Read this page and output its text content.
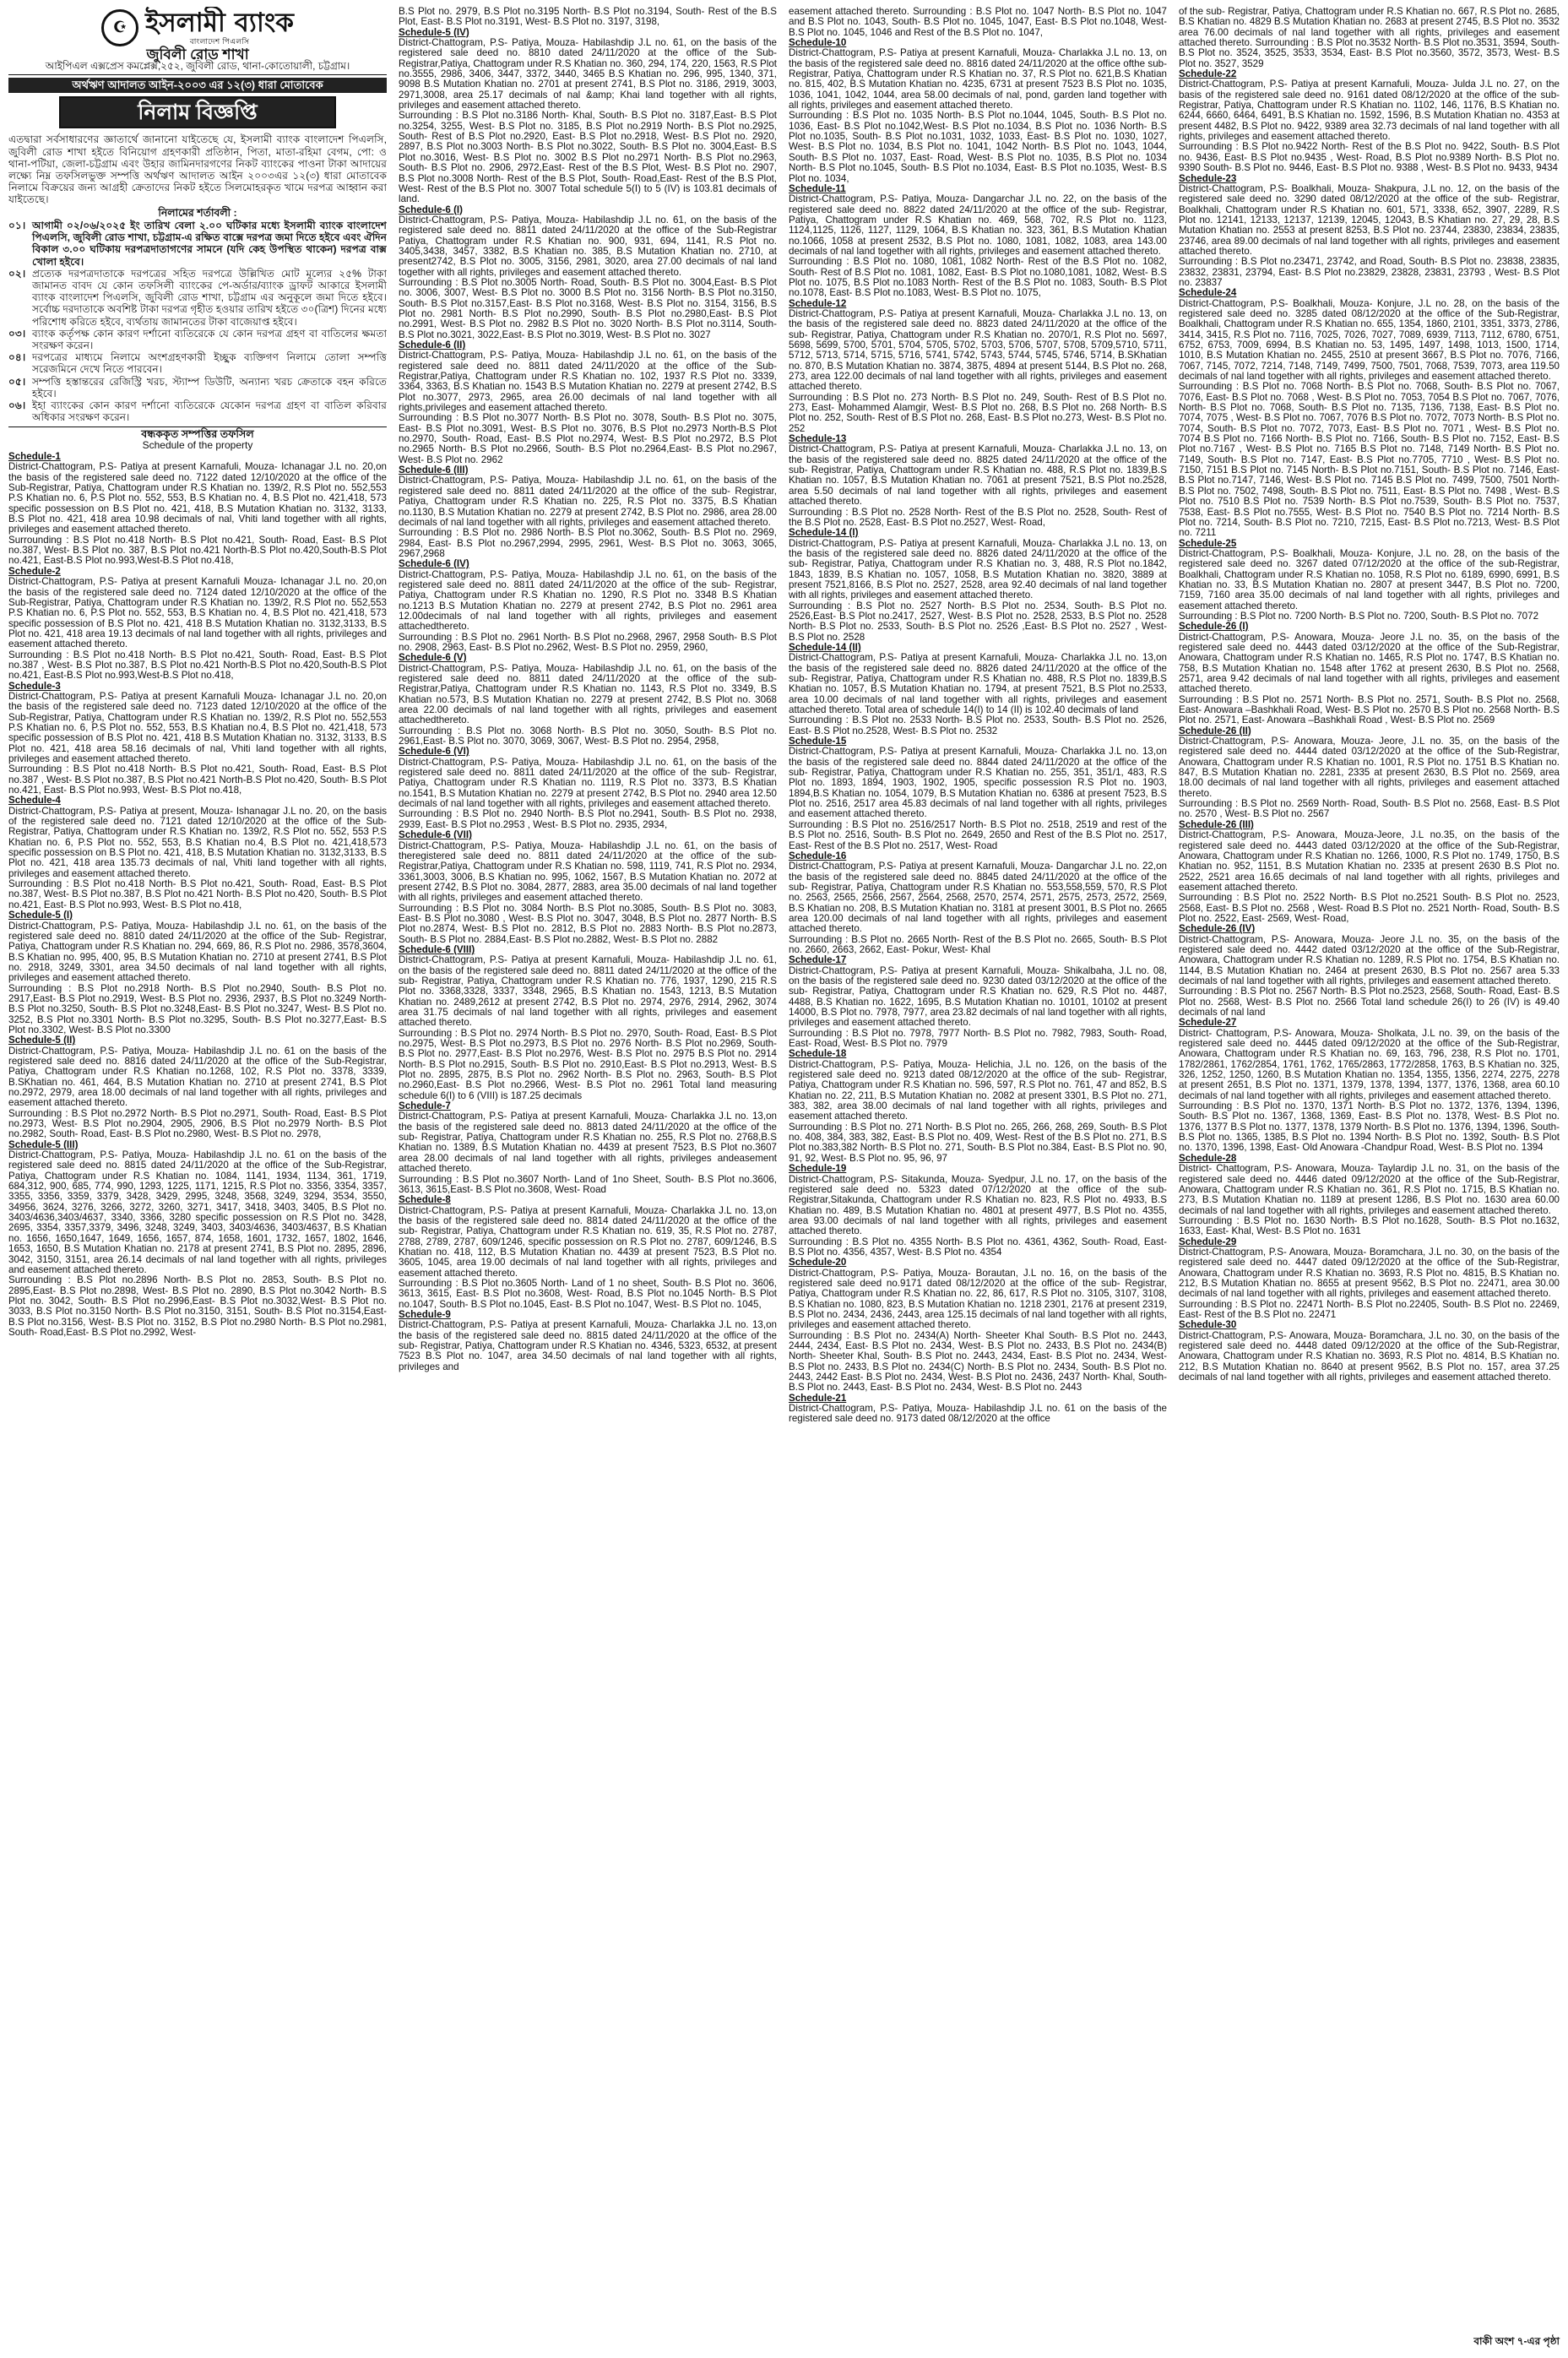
☪ ইসলামী ব্যাংক
বাংলাদেশ পিএলসি
জুবিলী রোড শাখা
আইপিএল এক্সপ্রেস কমপ্লেক্স,২৫২, জুবিলী রোড, থানা-কোতোয়ালী, চট্টগ্রাম।
অর্থঋণ আদালত আইন-২০০৩ এর ১২(৩) ধারা মোতাবেক
নিলাম বিজ্ঞপ্তি

এতদ্বারা সর্বসাধারণের জ্ঞাতার্থে জানানো যাইতেছে যে, ইসলামী ব্যাংক বাংলাদেশ পিএলসি, জুবিলী রোড শাখা হইতে বিনিয়োগ গ্রহণকারী প্রতিষ্ঠান, পিতা, মাতা-রহিমা বেগম, পো: ও থানা-পটিয়া, জেলা-চট্টগ্রাম এবং উহার জামিনদারগণের নিকট ব্যাংকের পাওনা টাকা আদায়ের লক্ষ্যে নিম্ন তফসিলভুক্ত সম্পত্তি অর্থঋণ আদালত আইন ২০০৩এর ১২(৩) ধারা মোতাবেক নিলামে বিক্রয়ের জন্য আগ্রহী ক্রেতাদের নিকট হইতে সিলমোহরকৃত খামে দরপত্র আহ্বান করা যাইতেছে।

নিলামের শর্তাবলী :
০১। আগামী ০২/০৬/২০২৫ ইং তারিখ বেলা ২.০০ ঘটিকার মধ্যে ইসলামী ব্যাংক বাংলাদেশ পিএলসি, জুবিলী রোড শাখা, চট্টগ্রাম-এ রক্ষিত বাক্সে দরপত্র জমা দিতে হইবে এবং ঐদিন বিকাল ৩.০০ ঘটিকায় দরপত্রদাতাগণের সামনে (যদি কেহ উপস্থিত থাকেন) দরপত্র বাক্স খোলা হইবে।
০২। প্রত্যেক দরপত্রদাতাকে দরপত্রের সহিত দরপত্রে উল্লিখিত মোট মূল্যের ২৫% টাকা জামানত বাবদ যে কোন তফসিলী ব্যাংকের পে-অর্ডার/ব্যাংক ড্রাফট আকারে ইসলামী ব্যাংক বাংলাদেশ পিএলসি, জুবিলী রোড শাখা, চট্টগ্রাম এর অনুকূলে জমা দিতে হইবে। সর্বোচ্চ দরদাতাকে অবশিষ্ট টাকা দরপত্র গৃহীত হওয়ার তারিখ হইতে ৩০(ত্রিশ) দিনের মধ্যে পরিশোধ করিতে হইবে, ব্যর্থতায় জামানতের টাকা বাজেয়াপ্ত হইবে।
০৩। ব্যাংক কর্তৃপক্ষ কোন কারণ দর্শানো ব্যতিরেকে যে কোন দরপত্র গ্রহণ বা বাতিলের ক্ষমতা সংরক্ষণ করেন।
০৪। দরপত্রের মাধ্যমে নিলামে অংশগ্রহণকারী ইচ্ছুক ব্যক্তিগণ নিলামে তোলা সম্পত্তি সরেজমিনে দেখে নিতে পারবেন।
০৫। সম্পত্তি হস্তান্তরের রেজিস্ট্রি খরচ, স্ট্যাম্প ডিউটি, অন্যান্য খরচ ক্রেতাকে বহন করিতে হইবে।
০৬। ইহা ব্যাংকের কোন কারণ দর্শানো ব্যতিরেকে যেকোন দরপত্র গ্রহণ বা বাতিল করিবার অধিকার সংরক্ষণ করেন।
বন্ধককৃত সম্পত্তির তফসিল
Schedule of the property

Schedule-1
District-Chattogram, P.S- Patiya at present Karnafuli, Mouza- Ichanagar J.L no. 20,on the basis of the registered sale deed no. 7122 dated 12/10/2020 at the office of the Sub-Registrar, Patiya, Chattogram under R.S Khatian no. 139/2, R.S Plot no. 552,553 P.S Khatian no. 6, P.S Plot no. 552, 553, B.S Khatian no. 4, B.S Plot no. 421,418, 573 specific possession on B.S Plot no. 421, 418, B.S Mutation Khatian no. 3132, 3133, B.S Plot no. 421, 418 area 10.98 decimals of nal, Vhiti land together with all rights, privileges and easement attached thereto.

Surrounding : B.S Plot no.418 North- B.S Plot no.421, South- Road, East- B.S Plot no.387, West- B.S Plot no. 387, B.S Plot no.421 North-B.S Plot no.420,South-B.S Plot no.421, East-B.S Plot no.993,West-B.S Plot no.418,

Schedule-2
District-Chattogram, P.S- Patiya at present Karnafuli Mouza- Ichanagar J.L no. 20,on the basis of the registered sale deed no. 7124 dated 12/10/2020 at the office of the Sub-Registrar, Patiya, Chattogram under R.S Khatian no. 139/2, R.S Plot no. 552,553 P.S Khatian no. 6, P.S Plot no. 552, 553, B.S Khatian no. 4, B.S Plot no. 421,418, 573 specific possession of B.S Plot no. 421, 418 B.S Mutation Khatian no. 3132,3133, B.S Plot no. 421, 418 area 19.13 decimals of nal land together with all rights, privileges and easement attached thereto.

Surrounding : B.S Plot no.418 North- B.S Plot no.421, South- Road, East- B.S Plot no.387 , West- B.S Plot no.387, B.S Plot no.421 North-B.S Plot no.420,South-B.S Plot no.421, East-B.S Plot no.993,West-B.S Plot no.418,

Schedule-3
District-Chattogram, P.S- Patiya at present Karnafuli Mouza- Ichanagar J.L no. 20,on the basis of the registered sale deed no. 7123 dated 12/10/2020 at the office of the Sub-Registrar, Patiya, Chattogram under R.S Khatian no. 139/2, R.S Plot no. 552,553 P.S Khatian no. 6, P.S Plot no. 552, 553, B.S Khatian no.4, B.S Plot no. 421,418, 573 specific possession of B.S Plot no. 421, 418 B.S Mutation Khatian no. 3132, 3133, B.S Plot no. 421, 418 area 58.16 decimals of nal, Vhiti land together with all rights, privileges and easement attached thereto.

Surrounding : B.S Plot no.418 North- B.S Plot no.421, South- Road, East- B.S Plot no.387 , West- B.S Plot no.387, B.S Plot no.421 North-B.S Plot no.420, South- B.S Plot no.421, East- B.S Plot no.993, West- B.S Plot no.418,

Schedule-4
District-Chattogram, P.S- Patiya at present, Mouza- Ishanagar J.L no. 20, on the basis of the registered sale deed no. 7121 dated 12/10/2020 at the office of the Sub-Registrar, Patiya, Chattogram under R.S Khatian no. 139/2, R.S Plot no. 552, 553 P.S Khatian no. 6, P.S Plot no. 552, 553, B.S Khatian no.4, B.S Plot no. 421,418,573 specific possession on B.S Plot no. 421, 418, B.S Mutation Khatian no. 3132,3133, B.S Plot no. 421, 418 area 135.73 decimals of nal, Vhiti land together with all rights, privileges and easement attached thereto.

Surrounding : B.S Plot no.418 North- B.S Plot no.421, South- Road, East- B.S Plot no.387, West- B.S Plot no.387, B.S Plot no.421 North- B.S Plot no.420, South- B.S Plot no.421, East- B.S Plot no.993, West- B.S Plot no.418,

Schedule-5 (I)
District-Chattogram, P.S- Patiya, Mouza- Habilashdip J.L no. 61, on the basis of the registered sale deed no. 8810 dated 24/11/2020 at the office of the Sub- Registrar, Patiya, Chattogram under R.S Khatian no. 294, 669, 86, R.S Plot no. 2986, 3578,3604, B.S Khatian no. 995, 400, 95, B.S Mutation Khatian no. 2710 at present 2741, B.S Plot no. 2918, 3249, 3301, area 34.50 decimals of nal land together with all rights, privileges and easement attached thereto.

Surrounding : B.S Plot no.2918 North- B.S Plot no.2940, South- B.S Plot no. 2917,East- B.S Plot no.2919, West- B.S Plot no. 2936, 2937, B.S Plot no.3249 North- B.S Plot no.3250, South- B.S Plot no.3248,East- B.S Plot no.3247, West- B.S Plot no. 3252, B.S Plot no.3301 North- B.S Plot no.3295, South- B.S Plot no.3277,East- B.S Plot no.3302, West- B.S Plot no.3300

Schedule-5 (II)
District-Chattogram, P.S- Patiya, Mouza- Habilashdip J.L no. 61 on the basis of the registered sale deed no. 8816 dated 24/11/2020 at the office of the Sub-Registrar, Patiya, Chattogram under R.S Khatian no.1268, 102, R.S Plot no. 3378, 3339, B.SKhatian no. 461, 464, B.S Mutation Khatian no. 2710 at present 2741, B.S Plot no.2972, 2979, area 18.00 decimals of nal land together with all rights, privileges and easement attached thereto.

Surrounding : B.S Plot no.2972 North- B.S Plot no.2971, South- Road, East- B.S Plot no.2973, West- B.S Plot no.2904, 2905, 2906, B.S Plot no.2979 North- B.S Plot no.2982, South- Road, East- B.S Plot no.2980, West- B.S Plot no. 2978,

Schedule-5 (III)
District-Chattogram, P.S- Patiya, Mouza- Habilashdip J.L no. 61 on the basis of the registered sale deed no. 8815 dated 24/11/2020 at the office of the Sub-Registrar, Patiya, Chattogram under R.S Khatian no. 1084, 1141, 1934, 1134, 361, 1719, 684,312, 900, 685, 774, 990, 1293, 1225, 1171, 1215, R.S Plot no. 3356, 3354, 3357, 3355, 3356, 3359, 3379, 3428, 3429, 2995, 3248, 3568, 3249, 3294, 3534, 3550, 34956, 3624, 3276, 3266, 3272, 3260, 3271, 3417, 3418, 3403, 3405, B.S Plot no. 3403/4636,3403/4637, 3340, 3366, 3280 specific possession on R.S Plot no. 3428, 2695, 3354, 3357,3379, 3496, 3248, 3249, 3403, 3403/4636, 3403/4637, B.S Khatian no. 1656, 1650,1647, 1649, 1656, 1657, 874, 1658, 1601, 1732, 1657, 1802, 1646, 1653, 1650, B.S Mutation Khatian no. 2178 at present 2741, B.S Plot no. 2895, 2896, 3042, 3150, 3151, area 26.14 decimals of nal land together with all rights, privileges and easement attached thereto.

Surrounding : B.S Plot no.2896 North- B.S Plot no. 2853, South- B.S Plot no. 2895,East- B.S Plot no.2898, West- B.S Plot no. 2890, B.S Plot no.3042 North- B.S Plot no. 3042, South- B.S Plot no.2996,East- B.S Plot no.3032,West- B.S Plot no. 3033, B.S Plot no.3150 North- B.S Plot no.3150, 3151, South- B.S Plot no.3154,East- B.S Plot no.3156, West- B.S Plot no. 3152, B.S Plot no.2980 North- B.S Plot no.2981, South- Road,East- B.S Plot no.2992, West-

B.S Plot no. 2979, B.S Plot no.3195 North- B.S Plot no.3194, South- Rest of the B.S Plot, East- B.S Plot no.3191, West- B.S Plot no. 3197, 3198,

Schedule-5 (IV)
District-Chattogram, P.S- Patiya, Mouza- Habilashdip J.L no. 61, on the basis of the registered sale deed no. 8810 dated 24/11/2020 at the office of the Sub-Registrar,Patiya, Chattogram under R.S Khatian no. 360, 294, 174, 220, 1563, R.S Plot no.3555, 2986, 3406, 3447, 3372, 3440, 3465 B.S Khatian no. 296, 995, 1340, 371, 9098 B.S Mutation Khatian no. 2701 at present 2741, B.S Plot no. 3186, 2919, 3003, 2971,3008, area 25.17 decimals of nal &amp; Khai land together with all rights, privileges and easement attached thereto.

Surrounding : B.S Plot no.3186 North- Khal, South- B.S Plot no. 3187,East- B.S Plot no.3254, 3255, West- B.S Plot no. 3185, B.S Plot no.2919 North- B.S Plot no.2925, South- Rest of B.S Plot no.2920, East- B.S Plot no.2918, West- B.S Plot no. 2920, 2897, B.S Plot no.3003 North- B.S Plot no.3022, South- B.S Plot no. 3004,East- B.S Plot no.3016, West- B.S Plot no. 3002 B.S Plot no.2971 North- B.S Plot no.2963, South- B.S Plot no. 2906, 2972,East- Rest of the B.S Plot, West- B.S Plot no. 2907, B.S Plot no.3008 North- Rest of the B.S Plot, South- Road,East- Rest of the B.S Plot, West- Rest of the B.S Plot no. 3007 Total schedule 5(I) to 5 (IV) is 103.81 decimals of land.

Schedule-6 (I)
District-Chattogram, P.S- Patiya, Mouza- Habilashdip J.L no. 61, on the basis of the registered sale deed no. 8811 dated 24/11/2020 at the office of the Sub-Registrar Patiya, Chattogram under R.S Khatian no. 900, 931, 694, 1141, R.S Plot no. 3405,3438, 3457, 3382, B.S Khatian no. 385, B.S Mutation Khatian no. 2710, at present2742, B.S Plot no. 3005, 3156, 2981, 3020, area 27.00 decimals of nal land together with all rights, privileges and easement attached thereto.

Surrounding : B.S Plot no.3005 North- Road, South- B.S Plot no. 3004,East- B.S Plot no. 3006, 3007, West- B.S Plot no. 3000 B.S Plot no. 3156 North- B.S Plot no.3150, South- B.S Plot no.3157,East- B.S Plot no.3168, West- B.S Plot no. 3154, 3156, B.S Plot no. 2981 North- B.S Plot no.2990, South- B.S Plot no.2980,East- B.S Plot no.2991, West- B.S Plot no. 2982 B.S Plot no. 3020 North- B.S Plot no.3114, South- B.S Plot no.3021, 3022,East- B.S Plot no.3019, West- B.S Plot no. 3027

Schedule-6 (II)
District-Chattogram, P.S- Patiya, Mouza- Habilashdip J.L no. 61, on the basis of the registered sale deed no. 8811 dated 24/11/2020 at the office of the Sub-Registrar,Patiya, Chattogram under R.S Khatian no. 102, 1937 R.S Plot no. 3339, 3364, 3363, B.S Khatian no. 1543 B.S Mutation Khatian no. 2279 at present 2742, B.S Plot no.3077, 2973, 2965, area 26.00 decimals of nal land together with all rights,privileges and easement attached thereto.

Surrounding : B.S Plot no.3077 North- B.S Plot no. 3078, South- B.S Plot no. 3075, East- B.S Plot no.3091, West- B.S Plot no. 3076, B.S Plot no.2973 North-B.S Plot no.2970, South- Road, East- B.S Plot no.2974, West- B.S Plot no.2972, B.S Plot no.2965 North- B.S Plot no.2966, South- B.S Plot no.2964,East- B.S Plot no.2967, West- B.S Plot no. 2962

Schedule-6 (III)
District-Chattogram, P.S- Patiya, Mouza- Habilashdip J.L no. 61, on the basis of the registered sale deed no. 8811 dated 24/11/2020 at the office of the sub- Registrar, Patiya, Chattogram under R.S Khatian no. 225, R.S Plot no. 3375, B.S Khatian no.1130, B.S Mutation Khatian no. 2279 at present 2742, B.S Plot no. 2986, area 28.00 decimals of nal land together with all rights, privileges and easement attached thereto.

Surrounding : B.S Plot no. 2986 North- B.S Plot no.3062, South- B.S Plot no. 2969, 2984, East- B.S Plot no.2967,2994, 2995, 2961, West- B.S Plot no. 3063, 3065, 2967,2968

Schedule-6 (IV)
District-Chattogram, P.S- Patiya, Mouza- Habilashdip J.L no. 61, on the basis of the registered sale deed no. 8811 dated 24/11/2020 at the office of the sub- Registrar, Patiya, Chattogram under R.S Khatian no. 1290, R.S Plot no. 3348 B.S Khatian no.1213 B.S Mutation Khatian no. 2279 at present 2742, B.S Plot no. 2961 area 12.00decimals of nal land together with all rights, privileges and easement attachedthereto.

Surrounding : B.S Plot no. 2961 North- B.S Plot no.2968, 2967, 2958 South- B.S Plot no. 2908, 2963, East- B.S Plot no.2962, West- B.S Plot no. 2959, 2960,

Schedule-6 (V)
District-Chattogram, P.S- Patiya, Mouza- Habilashdip J.L no. 61, on the basis of the registered sale deed no. 8811 dated 24/11/2020 at the office of the sub- Registrar,Patiya, Chattogram under R.S Khatian no. 1143, R.S Plot no. 3349, B.S Khatian no.573, B.S Mutation Khatian no. 2279 at present 2742, B.S Plot no. 3068 area 22.00 decimals of nal land together with all rights, privileges and easement attachedthereto.

Surrounding : B.S Plot no. 3068 North- B.S Plot no. 3050, South- B.S Plot no. 2961,East- B.S Plot no. 3070, 3069, 3067, West- B.S Plot no. 2954, 2958,

Schedule-6 (VI)
District-Chattogram, P.S- Patiya, Mouza- Habilashdip J.L no. 61, on the basis of the registered sale deed no. 8811 dated 24/11/2020 at the office of the sub- Registrar, Patiya, Chattogram under R.S Khatian no. 1119, R.S Plot no. 3373, B.S Khatian no.1541, B.S Mutation Khatian no. 2279 at present 2742, B.S Plot no. 2940 area 12.50 decimals of nal land together with all rights, privileges and easement attached thereto.

Surrounding : B.S Plot no. 2940 North- B.S Plot no.2941, South- B.S Plot no. 2938, 2939, East- B.S Plot no.2953 , West- B.S Plot no. 2935, 2934,

Schedule-6 (VII)
District-Chattogram, P.S- Patiya, Mouza- Habilashdip J.L no. 61, on the basis of theregistered sale deed no. 8811 dated 24/11/2020 at the office of the sub- Registrar,Patiya, Chattogram under R.S Khatian no. 598, 1119, 741, R.S Plot no. 2934, 3361,3003, 3006, B.S Khatian no. 995, 1062, 1567, B.S Mutation Khatian no. 2072 at present 2742, B.S Plot no. 3084, 2877, 2883, area 35.00 decimals of nal land together with all rights, privileges and easement attached thereto.

Surrounding : B.S Plot no. 3084 North- B.S Plot no.3085, South- B.S Plot no. 3083, East- B.S Plot no.3080 , West- B.S Plot no. 3047, 3048, B.S Plot no. 2877 North- B.S Plot no.2874, West- B.S Plot no. 2812, B.S Plot no. 2883 North- B.S Plot no.2873, South- B.S Plot no. 2884,East- B.S Plot no.2882, West- B.S Plot no. 2882

Schedule-6 (VIII)
District-Chattogram, P.S- Patiya at present Karnafuli, Mouza- Habilashdip J.L no. 61, on the basis of the registered sale deed no. 8811 dated 24/11/2020 at the office of the sub- Registrar, Patiya, Chattogram under R.S Khatian no. 776, 1937, 1290, 215 R.S Plot no. 3368,3328, 3337, 3348, 2965, B.S Khatian no. 1543, 1213, B.S Mutation Khatian no. 2489,2612 at present 2742, B.S Plot no. 2974, 2976, 2914, 2962, 3074 area 31.75 decimals of nal land together with all rights, privileges and easement attached thereto.

Surrounding : B.S Plot no. 2974 North- B.S Plot no. 2970, South- Road, East- B.S Plot no.2975, West- B.S Plot no.2973, B.S Plot no. 2976 North- B.S Plot no.2969, South- B.S Plot no. 2977,East- B.S Plot no.2976, West- B.S Plot no. 2975 B.S Plot no. 2914 North- B.S Plot no.2915, South- B.S Plot no. 2910,East- B.S Plot no.2913, West- B.S Plot no. 2895, 2875, B.S Plot no. 2962 North- B.S Plot no. 2963, South- B.S Plot no.2960,East- B.S Plot no.2966, West- B.S Plot no. 2961 Total land measuring schedule 6(I) to 6 (VIII) is 187.25 decimals

Schedule-7
District-Chattogram, P.S- Patiya at present Karnafuli, Mouza- Charlakka J.L no. 13,on the basis of the registered sale deed no. 8813 dated 24/11/2020 at the office of the sub- Registrar, Patiya, Chattogram under R.S Khatian no. 255, R.S Plot no. 2768,B.S Khatian no. 1389, B.S Mutation Khatian no. 4439 at present 7523, B.S Plot no.3607 area 28.00 decimals of nal land together with all rights, privileges andeasement attached thereto.

Surrounding : B.S Plot no.3607 North- Land of 1no Sheet, South- B.S Plot no.3606, 3613, 3615,East- B.S Plot no.3608, West- Road

Schedule-8
District-Chattogram, P.S- Patiya at present Karnafuli, Mouza- Charlakka J.L no. 13,on the basis of the registered sale deed no. 8814 dated 24/11/2020 at the office of the sub- Registrar, Patiya, Chattogram under R.S Khatian no. 619, 35, R.S Plot no. 2787, 2788, 2789, 2787, 609/1246, specific possession on R.S Plot no. 2787, 609/1246, B.S Khatian no. 418, 112, B.S Mutation Khatian no. 4439 at present 7523, B.S Plot no. 3605, 1045, area 19.00 decimals of nal land together with all rights, privileges and easement attached thereto.

Surrounding : B.S Plot no.3605 North- Land of 1 no sheet, South- B.S Plot no. 3606, 3613, 3615, East- B.S Plot no.3608, West- Road, B.S Plot no.1045 North- B.S Plot no.1047, South- B.S Plot no.1045, East- B.S Plot no.1047, West- B.S Plot no. 1045,

Schedule-9
District-Chattogram, P.S- Patiya at present Karnafuli, Mouza- Charlakka J.L no. 13,on the basis of the registered sale deed no. 8815 dated 24/11/2020 at the office of the sub- Registrar, Patiya, Chattogram under R.S Khatian no. 4346, 5323, 6532, at present 7523 B.S Plot no. 1047, area 34.50 decimals of nal land together with all rights, privileges and

easement attached thereto. Surrounding : B.S Plot no. 1047 North- B.S Plot no. 1047 and B.S Plot no. 1043, South- B.S Plot no. 1045, 1047, East- B.S Plot no.1048, West- B.S Plot no. 1045, 1046 and Rest of the B.S Plot no. 1047,

Schedule-10
District-Chattogram, P.S- Patiya at present Karnafuli, Mouza- Charlakka J.L no. 13, on the basis of the registered sale deed no. 8816 dated 24/11/2020 at the office ofthe sub- Registrar, Patiya, Chattogram under R.S Khatian no. 37, R.S Plot no. 621,B.S Khatian no. 815, 402, B.S Mutation Khatian no. 4235, 6731 at present 7523 B.S Plot no. 1035, 1036, 1041, 1042, 1044, area 58.00 decimals of nal, pond, garden land together with all rights, privileges and easement attached thereto.

Surrounding : B.S Plot no. 1035 North- B.S Plot no.1044, 1045, South- B.S Plot no. 1036, East- B.S Plot no.1042,West- B.S Plot no.1034, B.S Plot no. 1036 North- B.S Plot no.1035, South- B.S Plot no.1031, 1032, 1033, East- B.S Plot no. 1030, 1027, West- B.S Plot no. 1034, B.S Plot no. 1041, 1042 North- B.S Plot no. 1043, 1044, South- B.S Plot no. 1037, East- Road, West- B.S Plot no. 1035, B.S Plot no. 1034 North- B.S Plot no.1045, South- B.S Plot no.1034, East- B.S Plot no.1035, West- B.S Plot no. 1034,

Schedule-11
District-Chattogram, P.S- Patiya, Mouza- Dangarchar J.L no. 22, on the basis of the registered sale deed no. 8822 dated 24/11/2020 at the office of the sub- Registrar, Patiya, Chattogram under R.S Khatian no. 469, 568, 702, R.S Plot no. 1123, 1124,1125, 1126, 1127, 1129, 1064, B.S Khatian no. 323, 361, B.S Mutation Khatian no.1066, 1058 at present 2532, B.S Plot no. 1080, 1081, 1082, 1083, area 143.00 decimals of nal land together with all rights, privileges and easement attached thereto.

Surrounding : B.S Plot no. 1080, 1081, 1082 North- Rest of the B.S Plot no. 1082, South- Rest of B.S Plot no. 1081, 1082, East- B.S Plot no.1080,1081, 1082, West- B.S Plot no. 1075, B.S Plot no.1083 North- Rest of the B.S Plot no. 1083, South- B.S Plot no.1078, East- B.S Plot no.1083, West- B.S Plot no. 1075,

Schedule-12
District-Chattogram, P.S- Patiya at present Karnafuli, Mouza- Charlakka J.L no. 13, on the basis of the registered sale deed no. 8823 dated 24/11/2020 at the office of the sub- Registrar, Patiya, Chattogram under R.S Khatian no. 2070/1, R.S Plot no. 5697, 5698, 5699, 5700, 5701, 5704, 5705, 5702, 5703, 5706, 5707, 5708, 5709,5710, 5711, 5712, 5713, 5714, 5715, 5716, 5741, 5742, 5743, 5744, 5745, 5746, 5714, B.SKhatian no. 870, B.S Mutation Khatian no. 3874, 3875, 4894 at present 5144, B.S Plot no. 268, 273, area 122.00 decimals of nal land together with all rights, privileges and easement attached thereto.

Surrounding : B.S Plot no. 273 North- B.S Plot no. 249, South- Rest of B.S Plot no. 273, East- Mohammed Alamgir, West- B.S Plot no. 268, B.S Plot no. 268 North- B.S Plot no. 252, South- Rest of B.S Plot no. 268, East- B.S Plot no.273, West- B.S Plot no. 252

Schedule-13
District-Chattogram, P.S- Patiya at present Karnafuli, Mouza- Charlakka J.L no. 13, on the basis of the registered sale deed no. 8825 dated 24/11/2020 at the office of the sub- Registrar, Patiya, Chattogram under R.S Khatian no. 488, R.S Plot no. 1839,B.S Khatian no. 1057, B.S Mutation Khatian no. 7061 at present 7521, B.S Plot no.2528, area 5.50 decimals of nal land together with all rights, privileges and easement attached thereto.

Surrounding : B.S Plot no. 2528 North- Rest of the B.S Plot no. 2528, South- Rest of the B.S Plot no. 2528, East- B.S Plot no.2527, West- Road,

Schedule-14 (I)
District-Chattogram, P.S- Patiya at present Karnafuli, Mouza- Charlakka J.L no. 13, on the basis of the registered sale deed no. 8826 dated 24/11/2020 at the office of the sub- Registrar, Patiya, Chattogram under R.S Khatian no. 3, 488, R.S Plot no.1842, 1843, 1839, B.S Khatian no. 1057, 1058, B.S Mutation Khatian no. 3820, 3889 at present 7521,8166, B.S Plot no. 2527, 2528, area 92.40 decimals of nal land together with all rights, privileges and easement attached thereto.

Surrounding : B.S Plot no. 2527 North- B.S Plot no. 2534, South- B.S Plot no. 2526,East- B.S Plot no.2417, 2527, West- B.S Plot no. 2528, 2533, B.S Plot no. 2528 North- B.S Plot no. 2533, South- B.S Plot no. 2526 ,East- B.S Plot no. 2527 , West- B.S Plot no. 2528

Schedule-14 (II)
District-Chattogram, P.S- Patiya at present Karnafuli, Mouza- Charlakka J.L no. 13,on the basis of the registered sale deed no. 8826 dated 24/11/2020 at the office of the sub- Registrar, Patiya, Chattogram under R.S Khatian no. 488, R.S Plot no. 1839,B.S Khatian no. 1057, B.S Mutation Khatian no. 1794, at present 7521, B.S Plot no.2533, area 10.00 decimals of nal land together with all rights, privileges and easement attached thereto. Total area of schedule 14(I) to 14 (II) is 102.40 decimals of land

Surrounding : B.S Plot no. 2533 North- B.S Plot no. 2533, South- B.S Plot no. 2526, East- B.S Plot no.2528, West- B.S Plot no. 2532

Schedule-15
District-Chattogram, P.S- Patiya at present Karnafuli, Mouza- Charlakka J.L no. 13,on the basis of the registered sale deed no. 8844 dated 24/11/2020 at the office of the sub- Registrar, Patiya, Chattogram under R.S Khatian no. 255, 351, 351/1, 483, R.S Plot no. 1893, 1894, 1903, 1902, 1905, specific possession R.S Plot no. 1903, 1894,B.S Khatian no. 1054, 1079, B.S Mutation Khatian no. 6386 at present 7523, B.S Plot no. 2516, 2517 area 45.83 decimals of nal land together with all rights, privileges and easement attached thereto.

Surrounding : B.S Plot no. 2516/2517 North- B.S Plot no. 2518, 2519 and rest of the B.S Plot no. 2516, South- B.S Plot no. 2649, 2650 and Rest of the B.S Plot no. 2517, East- Rest of the B.S Plot no. 2517, West- Road

Schedule-16
District-Chattogram, P.S- Patiya at present Karnafuli, Mouza- Dangarchar J.L no. 22,on the basis of the registered sale deed no. 8845 dated 24/11/2020 at the office of the sub- Registrar, Patiya, Chattogram under R.S Khatian no. 553,558,559, 570, R.S Plot no. 2563, 2565, 2566, 2567, 2564, 2568, 2570, 2574, 2571, 2575, 2573, 2572, 2569, B.S Khatian no. 208, B.S Mutation Khatian no. 3181 at present 3001, B.S Plot no. 2665 area 120.00 decimals of nal land together with all rights, privileges and easement attached thereto.

Surrounding : B.S Plot no. 2665 North- Rest of the B.S Plot no. 2665, South- B.S Plot no. 2660, 2663, 2662, East- Pokur, West- Khal

Schedule-17
District-Chattogram, P.S- Patiya at present Karnafuli, Mouza- Shikalbaha, J.L no. 08, on the basis of the registered sale deed no. 9230 dated 03/12/2020 at the office of the sub- Registrar, Patiya, Chattogram under R.S Khatian no. 629, R.S Plot no. 4487, 4488, B.S Khatian no. 1622, 1695, B.S Mutation Khatian no. 10101, 10102 at present 14000, B.S Plot no. 7978, 7977, area 23.82 decimals of nal land together with all rights, privileges and easement attached thereto.

Surrounding : B.S Plot no. 7978, 7977 North- B.S Plot no. 7982, 7983, South- Road, East- Road, West- B.S Plot no. 7979

Schedule-18
District-Chattogram, P.S- Patiya, Mouza- Helichia, J.L no. 126, on the basis of the registered sale deed no. 9213 dated 08/12/2020 at the office of the sub- Registrar, Patiya, Chattogram under R.S Khatian no. 596, 597, R.S Plot no. 761, 47 and 852, B.S Khatian no. 22, 211, B.S Mutation Khatian no. 2082 at present 3301, B.S Plot no. 271, 383, 382, area 38.00 decimals of nal land together with all rights, privileges and easement attached thereto.

Surrounding : B.S Plot no. 271 North- B.S Plot no. 265, 266, 268, 269, South- B.S Plot no. 408, 384, 383, 382, East- B.S Plot no. 409, West- Rest of the B.S Plot no. 271, B.S Plot no.383,382 North- B.S Plot no. 271, South- B.S Plot no.384, East- B.S Plot no. 90, 91, 92, West- B.S Plot no. 95, 96, 97

Schedule-19
District-Chattogram, P.S- Sitakunda, Mouza- Syedpur, J.L no. 17, on the basis of the registered sale deed no. 5323 dated 07/12/2020 at the office of the sub- Registrar,Sitakunda, Chattogram under R.S Khatian no. 823, R.S Plot no. 4933, B.S Khatian no. 489, B.S Mutation Khatian no. 4801 at present 4977, B.S Plot no. 4355, area 93.00 decimals of nal land together with all rights, privileges and easement attached thereto.

Surrounding : B.S Plot no. 4355 North- B.S Plot no. 4361, 4362, South- Road, East- B.S Plot no. 4356, 4357, West- B.S Plot no. 4354

Schedule-20
District-Chattogram, P.S- Patiya, Mouza- Borautan, J.L no. 16, on the basis of the registered sale deed no.9171 dated 08/12/2020 at the office of the sub- Registrar, Patiya, Chattogram under R.S Khatian no. 22, 86, 617, R.S Plot no. 3105, 3107, 3108, B.S Khatian no. 1080, 823, B.S Mutation Khatian no. 1218 2301, 2176 at present 2319, B.S Plot no. 2434, 2436, 2443, area 125.15 decimals of nal land together with all rights, privileges and easement attached thereto.

Surrounding : B.S Plot no. 2434(A) North- Sheeter Khal South- B.S Plot no. 2443, 2444, 2434, East- B.S Plot no. 2434, West- B.S Plot no. 2433, B.S Plot no. 2434(B) North- Sheeter Khal, South- B.S Plot no. 2443, 2434, East- B.S Plot no. 2434, West- B.S Plot no. 2433, B.S Plot no. 2434(C) North- B.S Plot no. 2434, South- B.S Plot no. 2443, 2442 East- B.S Plot no. 2434, West- B.S Plot no. 2436, 2437 North- Khal, South- B.S Plot no. 2443, East- B.S Plot no. 2434, West- B.S Plot no. 2443

Schedule-21
District-Chattogram, P.S- Patiya, Mouza- Habilashdip J.L no. 61 on the basis of the registered sale deed no. 9173 dated 08/12/2020 at the office

of the sub- Registrar, Patiya, Chattogram under R.S Khatian no. 667, R.S Plot no. 2685, B.S Khatian no. 4829 B.S Mutation Khatian no. 2683 at present 2745, B.S Plot no. 3532 area 76.00 decimals of nal land together with all rights, privileges and easement attached thereto. Surrounding : B.S Plot no.3532 North- B.S Plot no.3531, 3594, South- B.S Plot no. 3524, 3525, 3533, 3534, East- B.S Plot no.3560, 3572, 3573, West- B.S Plot no. 3527, 3529

Schedule-22
District-Chattogram, P.S- Patiya at present Karnafuli, Mouza- Julda J.L no. 27, on the basis of the registered sale deed no. 9161 dated 08/12/2020 at the office of the sub- Registrar, Patiya, Chattogram under R.S Khatian no. 1102, 146, 1176, B.S Khatian no. 6244, 6660, 6464, 6491, B.S Khatian no. 1592, 1596, B.S Mutation Khatian no. 4353 at present 4482, B.S Plot no. 9422, 9389 area 32.73 decimals of nal land together with all rights, privileges and easement attached thereto.

Surrounding : B.S Plot no.9422 North- Rest of the B.S Plot no. 9422, South- B.S Plot no. 9436, East- B.S Plot no.9435 , West- Road, B.S Plot no.9389 North- B.S Plot no. 9390 South- B.S Plot no. 9446, East- B.S Plot no. 9388 , West- B.S Plot no. 9433, 9434

Schedule-23
District-Chattogram, P.S- Boalkhali, Mouza- Shakpura, J.L no. 12, on the basis of the registered sale deed no. 3290 dated 08/12/2020 at the office of the sub- Registrar, Boalkhali, Chattogram under R.S Khatian no. 601, 571, 3338, 652, 3907, 2289, R.S Plot no. 12141, 12133, 12137, 12139, 12045, 12043, B.S Khatian no. 27, 29, 28, B.S Mutation Khatian no. 2553 at present 8253, B.S Plot no. 23744, 23830, 23834, 23835, 23746, area 89.00 decimals of nal land together with all rights, privileges and easement attached thereto.

Surrounding : B.S Plot no.23471, 23742, and Road, South- B.S Plot no. 23838, 23835, 23832, 23831, 23794, East- B.S Plot no.23829, 23828, 23831, 23793 , West- B.S Plot no. 23837

Schedule-24
District-Chattogram, P.S- Boalkhali, Mouza- Konjure, J.L no. 28, on the basis of the registered sale deed no. 3285 dated 08/12/2020 at the office of the Sub-Registrar, Boalkhali, Chattogram under R.S Khatian no. 655, 1354, 1860, 2101, 3351, 3373, 2786, 3414, 3415, R.S Plot no. 7116, 7025, 7026, 7027, 7089, 6939, 7113, 7112, 6780, 6751, 6752, 6753, 7009, 6994, B.S Khatian no. 53, 1495, 1497, 1498, 1013, 1500, 1714, 1010, B.S Mutation Khatian no. 2455, 2510 at present 3667, B.S Plot no. 7076, 7166, 7067, 7145, 7072, 7214, 7148, 7149, 7499, 7500, 7501, 7068, 7539, 7073, area 119.50 decimals of nal land together with all rights, privileges and easement attached thereto.

Surrounding : B.S Plot no. 7068 North- B.S Plot no. 7068, South- B.S Plot no. 7067, 7076, East- B.S Plot no. 7068 , West- B.S Plot no. 7053, 7054 B.S Plot no. 7067, 7076, North- B.S Plot no. 7068, South- B.S Plot no. 7135, 7136, 7138, East- B.S Plot no. 7074, 7075 , West- B.S Plot no. 7067, 7076 B.S Plot no. 7072, 7073 North- B.S Plot no. 7074, South- B.S Plot no. 7072, 7073, East- B.S Plot no. 7071 , West- B.S Plot no. 7074 B.S Plot no. 7166 North- B.S Plot no. 7166, South- B.S Plot no. 7152, East- B.S Plot no.7167 , West- B.S Plot no. 7165 B.S Plot no. 7148, 7149 North- B.S Plot no. 7149, South- B.S Plot no. 7147, East- B.S Plot no.7705, 7710 , West- B.S Plot no. 7150, 7151 B.S Plot no. 7145 North- B.S Plot no.7151, South- B.S Plot no. 7146, East- B.S Plot no.7147, 7146, West- B.S Plot no. 7145 B.S Plot no. 7499, 7500, 7501 North- B.S Plot no. 7502, 7498, South- B.S Plot no. 7511, East- B.S Plot no. 7498 , West- B.S Plot no. 7510 B.S Plot no. 7539 North- B.S Plot no.7539, South- B.S Plot no. 7537, 7538, East- B.S Plot no.7555, West- B.S Plot no. 7540 B.S Plot no. 7214 North- B.S Plot no. 7214, South- B.S Plot no. 7210, 7215, East- B.S Plot no.7213, West- B.S Plot no. 7211

Schedule-25
District-Chattogram, P.S- Boalkhali, Mouza- Konjure, J.L no. 28, on the basis of the registered sale deed no. 3267 dated 07/12/2020 at the office of the sub-Registrar, Boalkhali, Chattogram under R.S Khatian no. 1058, R.S Plot no. 6189, 6990, 6991, B.S Khatian no. 33, B.S Mutation Khatian no. 2807 at present 3447, B.S Plot no. 7200, 7159, 7160 area 35.00 decimals of nal land together with all rights, privileges and easement attached thereto.

Surrounding : B.S Plot no. 7200 North- B.S Plot no. 7200, South- B.S Plot no. 7072

Schedule-26 (I)
District-Chattogram, P.S- Anowara, Mouza- Jeore J.L no. 35, on the basis of the registered sale deed no. 4443 dated 03/12/2020 at the office of the Sub-Registrar, Anowara, Chattogram under R.S Khatian no. 1465, R.S Plot no. 1747, B.S Khatian no. 758, B.S Mutation Khatian no. 1548 after 1762 at present 2630, B.S Plot no. 2568, 2571, area 9.42 decimals of nal land together with all rights, privileges and easement attached thereto.

Surrounding : B.S Plot no. 2571 North- B.S Plot no. 2571, South- B.S Plot no. 2568, East- Anowara –Bashkhali Road, West- B.S Plot no. 2570 B.S Plot no. 2568 North- B.S Plot no. 2571, East- Anowara –Bashkhali Road , West- B.S Plot no. 2569

Schedule-26 (II)
District-Chattogram, P.S- Anowara, Mouza- Jeore, J.L no. 35, on the basis of the registered sale deed no. 4444 dated 03/12/2020 at the office of the Sub-Registrar, Anowara, Chattogram under R.S Khatian no. 1001, R.S Plot no. 1751 B.S Khatian no. 847, B.S Mutation Khatian no. 2281, 2335 at present 2630, B.S Plot no. 2569, area 18.00 decimals of nal land together with all rights, privileges and easement attached thereto.

Surrounding : B.S Plot no. 2569 North- Road, South- B.S Plot no. 2568, East- B.S Plot no. 2570 , West- B.S Plot no. 2567

Schedule-26 (III)
District-Chattogram, P.S- Anowara, Mouza-Jeore, J.L no.35, on the basis of the registered sale deed no. 4443 dated 03/12/2020 at the office of the Sub-Registrar, Anowara, Chattogram under R.S Khatian no. 1266, 1000, R.S Plot no. 1749, 1750, B.S Khatian no. 952, 1151, B.S Mutation Khatian no. 2335 at present 2630 B.S Plot no. 2522, 2521 area 16.65 decimals of nal land together with all rights, privileges and easement attached thereto.

Surrounding : B.S Plot no. 2522 North- B.S Plot no.2521 South- B.S Plot no. 2523, 2568, East- B.S Plot no. 2568 , West- Road B.S Plot no. 2521 North- Road, South- B.S Plot no. 2522, East- 2569, West- Road,

Schedule-26 (IV)
District-Chattogram, P.S- Anowara, Mouza- Jeore J.L no. 35, on the basis of the registered sale deed no. 4442 dated 03/12/2020 at the office of the Sub-Registrar, Anowara, Chattogram under R.S Khatian no. 1289, R.S Plot no. 1754, B.S Khatian no. 1144, B.S Mutation Khatian no. 2464 at present 2630, B.S Plot no. 2567 area 5.33 decimals of nal land together with all rights, privileges and easement attached thereto.

Surrounding : B.S Plot no. 2567 North- B.S Plot no.2523, 2568, South- Road, East- B.S Plot no. 2568, West- B.S Plot no. 2566 Total land schedule 26(I) to 26 (IV) is 49.40 decimals of nal land

Schedule-27
District- Chattogram, P.S- Anowara, Mouza- Sholkata, J.L no. 39, on the basis of the registered sale deed no. 4445 dated 09/12/2020 at the office of the Sub-Registrar, Anowara, Chattogram under R.S Khatian no. 69, 163, 796, 238, R.S Plot no. 1701, 1782/2861, 1762/2854, 1761, 1762, 1765/2863, 1772/2858, 1763, B.S Khatian no. 325, 326, 1252, 1250, 1260, B.S Mutation Khatian no. 1354, 1355, 1356, 2274, 2275, 2278 at present 2651, B.S Plot no. 1371, 1379, 1378, 1394, 1377, 1376, 1368, area 60.10 decimals of nal land together with all rights, privileges and easement attached thereto.

Surrounding : B.S Plot no. 1370, 1371 North- B.S Plot no. 1372, 1376, 1394, 1396, South- B.S Plot no. 1367, 1368, 1369, East- B.S Plot no. 1378, West- B.S Plot no. 1376, 1377 B.S Plot no. 1377, 1378, 1379 North- B.S Plot no. 1376, 1394, 1396, South- B.S Plot no. 1365, 1385, B.S Plot no. 1394 North- B.S Plot no. 1392, South- B.S Plot no. 1370, 1396, 1398, East- Old Anowara -Chandpur Road, West- B.S Plot no. 1394

Schedule-28
District- Chattogram, P.S- Anowara, Mouza- Taylardip J.L no. 31, on the basis of the registered sale deed no. 4446 dated 09/12/2020 at the office of the Sub-Registrar, Anowara, Chattogram under R.S Khatian no. 361, R.S Plot no. 1715, B.S Khatian no. 273, B.S Mutation Khatian no. 1189 at present 1286, B.S Plot no. 1630 area 60.00 decimals of nal land together with all rights, privileges and easement attached thereto.

Surrounding : B.S Plot no. 1630 North- B.S Plot no.1628, South- B.S Plot no.1632, 1633, East- Khal, West- B.S Plot no. 1631

Schedule-29
District-Chattogram, P.S- Anowara, Mouza- Boramchara, J.L no. 30, on the basis of the registered sale deed no. 4447 dated 09/12/2020 at the office of the Sub-Registrar, Anowara, Chattogram under R.S Khatian no. 3693, R.S Plot no. 4815, B.S Khatian no. 212, B.S Mutation Khatian no. 8655 at present 9562, B.S Plot no. 22471, area 30.00 decimals of nal land together with all rights, privileges and easement attached thereto.

Surrounding : B.S Plot no. 22471 North- B.S Plot no.22405, South- B.S Plot no. 22469, East- Rest of the B.S Plot no. 22471

Schedule-30
District-Chattogram, P.S- Anowara, Mouza- Boramchara, J.L no. 30, on the basis of the registered sale deed no. 4448 dated 09/12/2020 at the office of the Sub-Registrar, Anowara, Chattogram under R.S Khatian no. 3693, R.S Plot no. 4814, B.S Khatian no. 212, B.S Mutation Khatian no. 8640 at present 9562, B.S Plot no. 157, area 37.25 decimals of nal land together with all rights, privileges and easement attached thereto.

বাকী অংশ ৭-এর পৃষ্ঠা
